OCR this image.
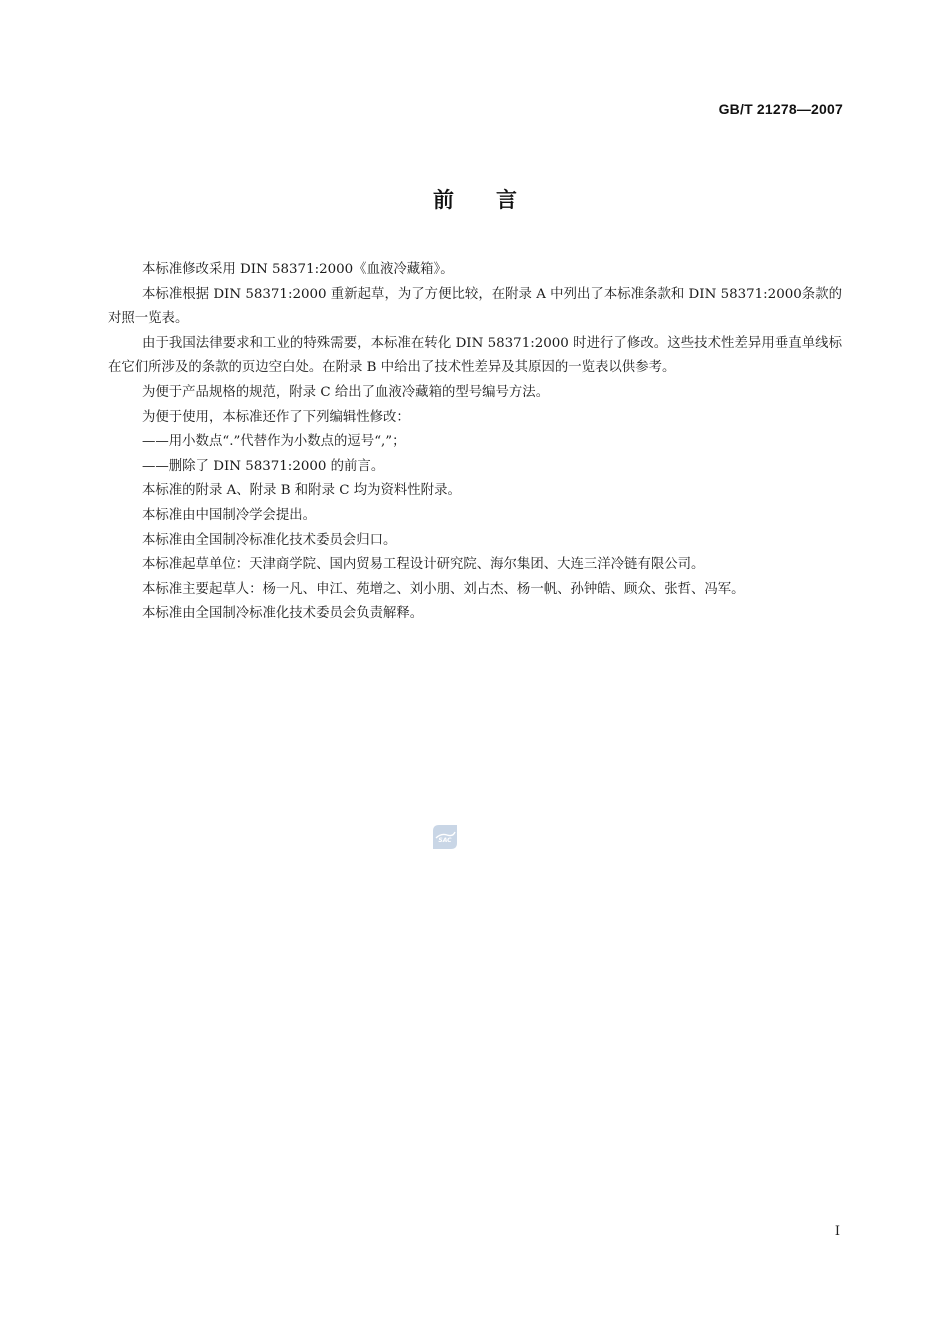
GB/T 21278—2007
前言

本标准修改采用 DIN 58371:2000《血液冷藏箱》。

本标准根据 DIN 58371:2000 重新起草，为了方便比较，在附录 A 中列出了本标准条款和 DIN 58371:2000条款的对照一览表。

由于我国法律要求和工业的特殊需要，本标准在转化 DIN 58371:2000 时进行了修改。这些技术性差异用垂直单线标在它们所涉及的条款的页边空白处。在附录 B 中给出了技术性差异及其原因的一览表以供参考。

为便于产品规格的规范，附录 C 给出了血液冷藏箱的型号编号方法。

为便于使用，本标准还作了下列编辑性修改：

——用小数点“.”代替作为小数点的逗号“,”；

——删除了 DIN 58371:2000 的前言。

本标准的附录 A、附录 B 和附录 C 均为资料性附录。

本标准由中国制冷学会提出。

本标准由全国制冷标准化技术委员会归口。

本标准起草单位：天津商学院、国内贸易工程设计研究院、海尔集团、大连三洋冷链有限公司。

本标准主要起草人：杨一凡、申江、苑增之、刘小朋、刘占杰、杨一帆、孙钟皓、顾众、张哲、冯军。

本标准由全国制冷标准化技术委员会负责解释。

SAC
I
